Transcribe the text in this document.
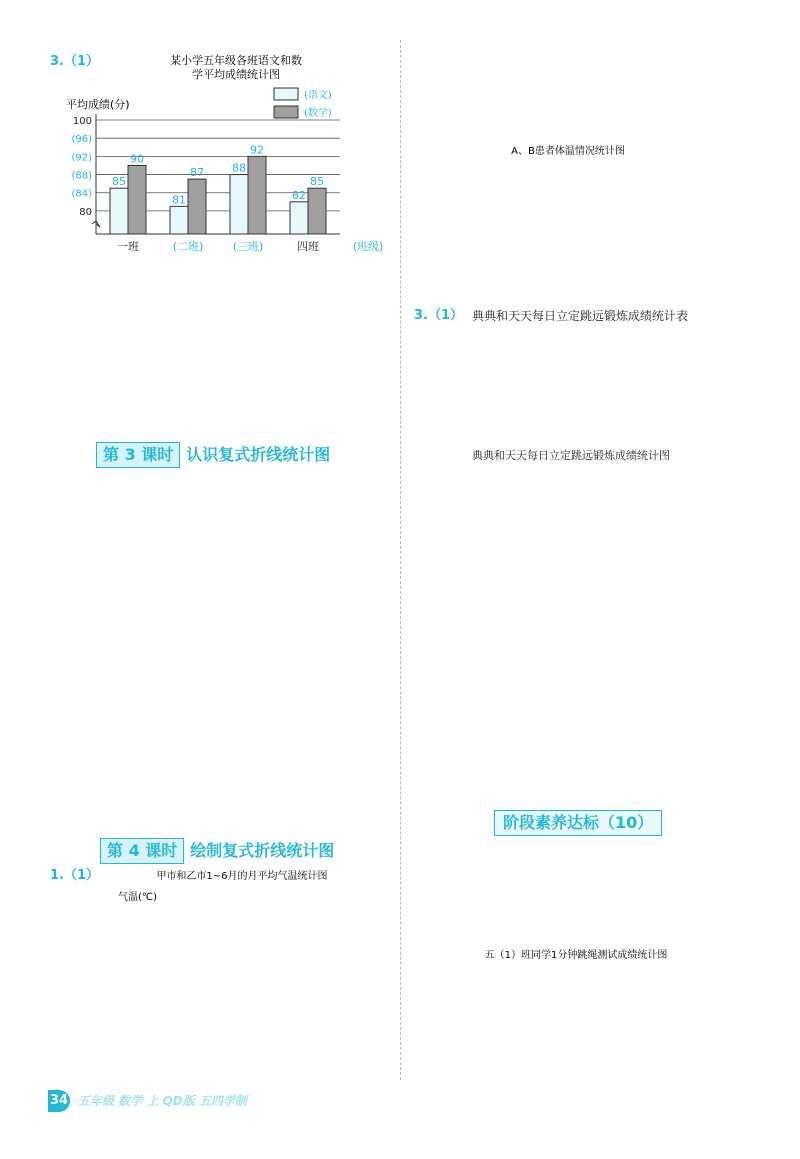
3.（1）	某小学五年级各班语文和数
学平均成绩统计图
平均成绩(分)
(语文)
(数学)
100
(96)
(92)
(88)
(84)
80
85
90
81
87	88
92
82
85
一班	(二班)	(三班)	四班	(班级)
第 3 课时 认识复式折线统计图
第 4 课时 绘制复式折线统计图
1.（1）	甲市和乙市1~6月的月平均气温统计图
气温(℃)
34 五年级 数学 上 QD版 五四学制
A、B患者体温情况统计图
3.（1） 典典和天天每日立定跳远锻炼成绩统计表
典典和天天每日立定跳远锻炼成绩统计图
阶段素养达标（10）
五（1）班同学1分钟跳绳测试成绩统计图
